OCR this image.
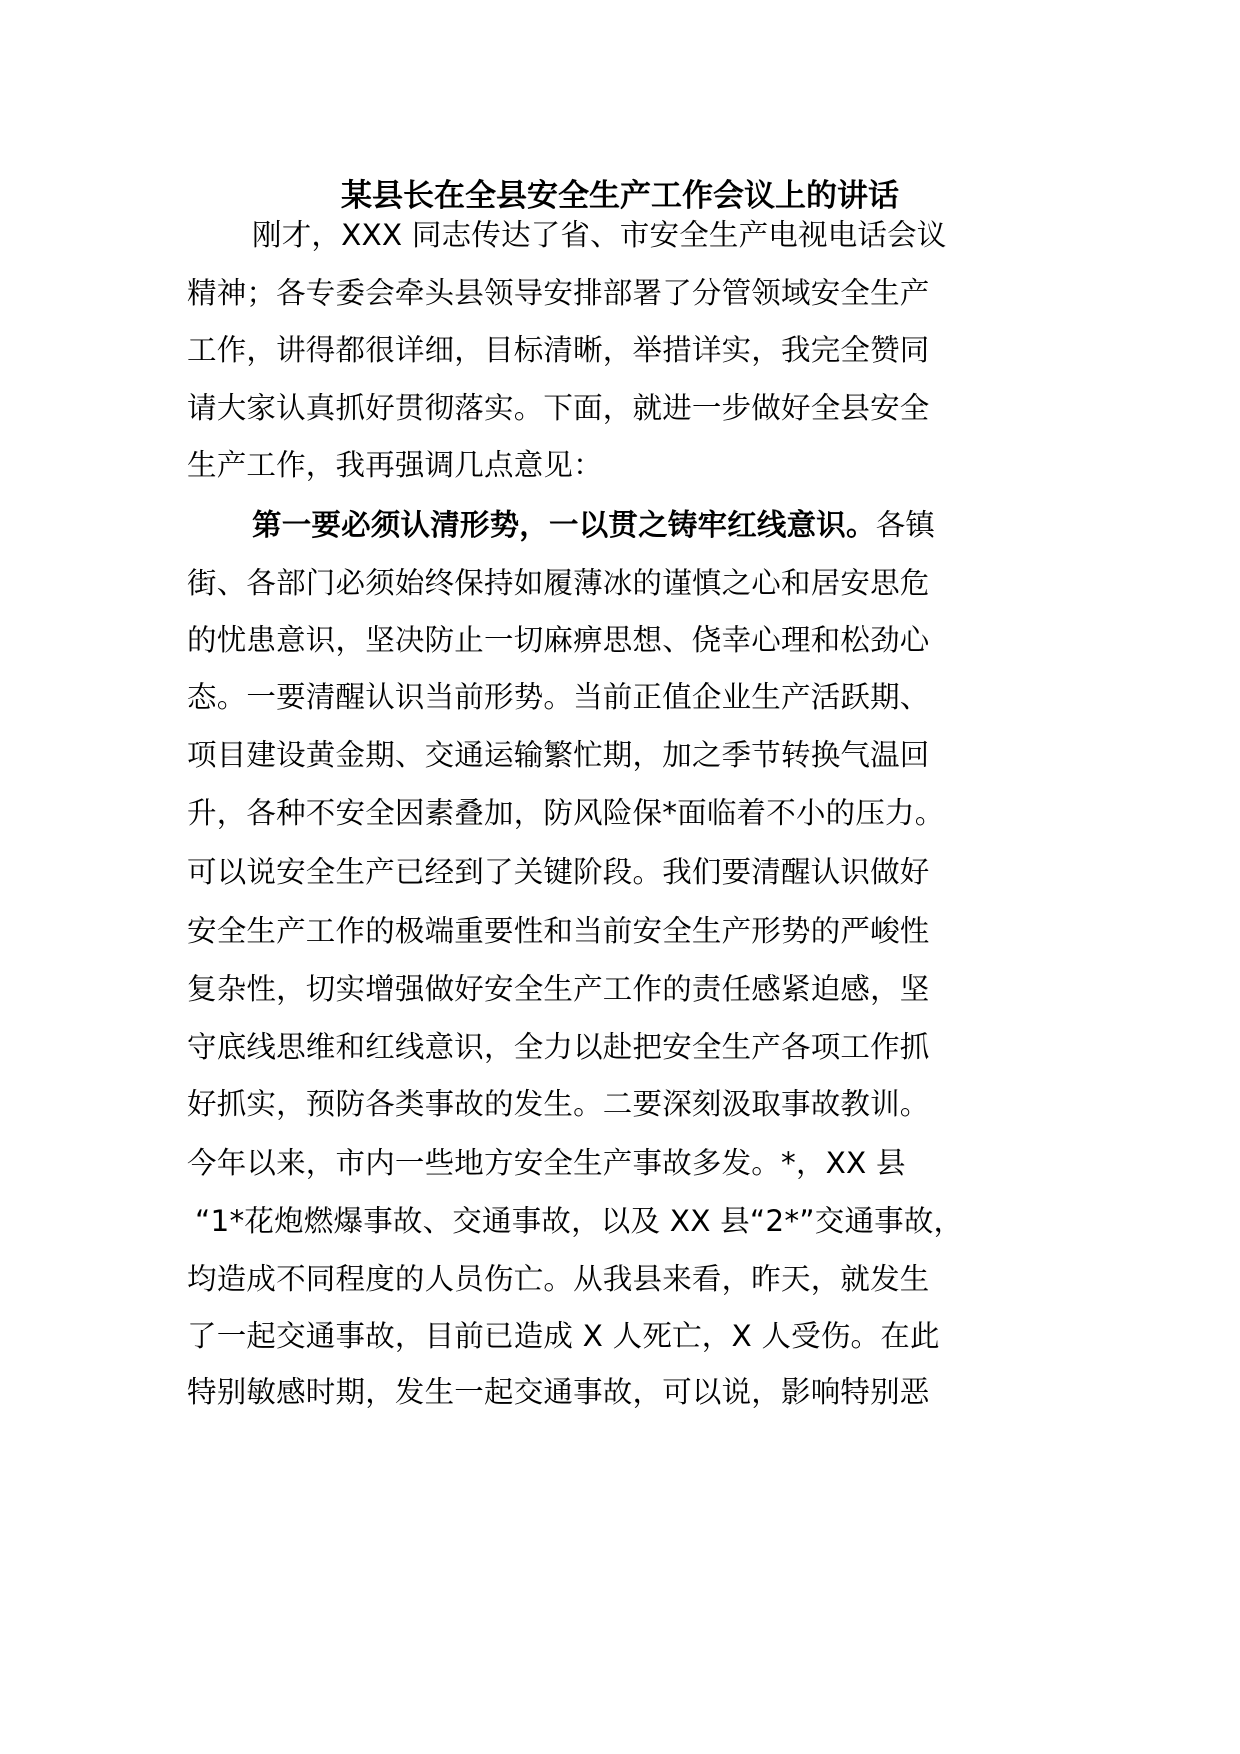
某县长在全县安全生产工作会议上的讲话
刚才，XXX 同志传达了省、市安全生产电视电话会议
精神；各专委会牵头县领导安排部署了分管领域安全生产
工作，讲得都很详细，目标清晰，举措详实，我完全赞同
请大家认真抓好贯彻落实。下面，就进一步做好全县安全
生产工作，我再强调几点意见：
第一要必须认清形势，一以贯之铸牢红线意识。各镇
街、各部门必须始终保持如履薄冰的谨慎之心和居安思危
的忧患意识，坚决防止一切麻痹思想、侥幸心理和松劲心
态。一要清醒认识当前形势。当前正值企业生产活跃期、
项目建设黄金期、交通运输繁忙期，加之季节转换气温回
升，各种不安全因素叠加，防风险保*面临着不小的压力。
可以说安全生产已经到了关键阶段。我们要清醒认识做好
安全生产工作的极端重要性和当前安全生产形势的严峻性
复杂性，切实增强做好安全生产工作的责任感紧迫感，坚
守底线思维和红线意识，全力以赴把安全生产各项工作抓
好抓实，预防各类事故的发生。二要深刻汲取事故教训。
今年以来，市内一些地方安全生产事故多发。*，XX 县
“1*花炮燃爆事故、交通事故，以及 XX 县“2*”交通事故，
均造成不同程度的人员伤亡。从我县来看，昨天，就发生
了一起交通事故，目前已造成 X 人死亡，X 人受伤。在此
特别敏感时期，发生一起交通事故，可以说，影响特别恶
